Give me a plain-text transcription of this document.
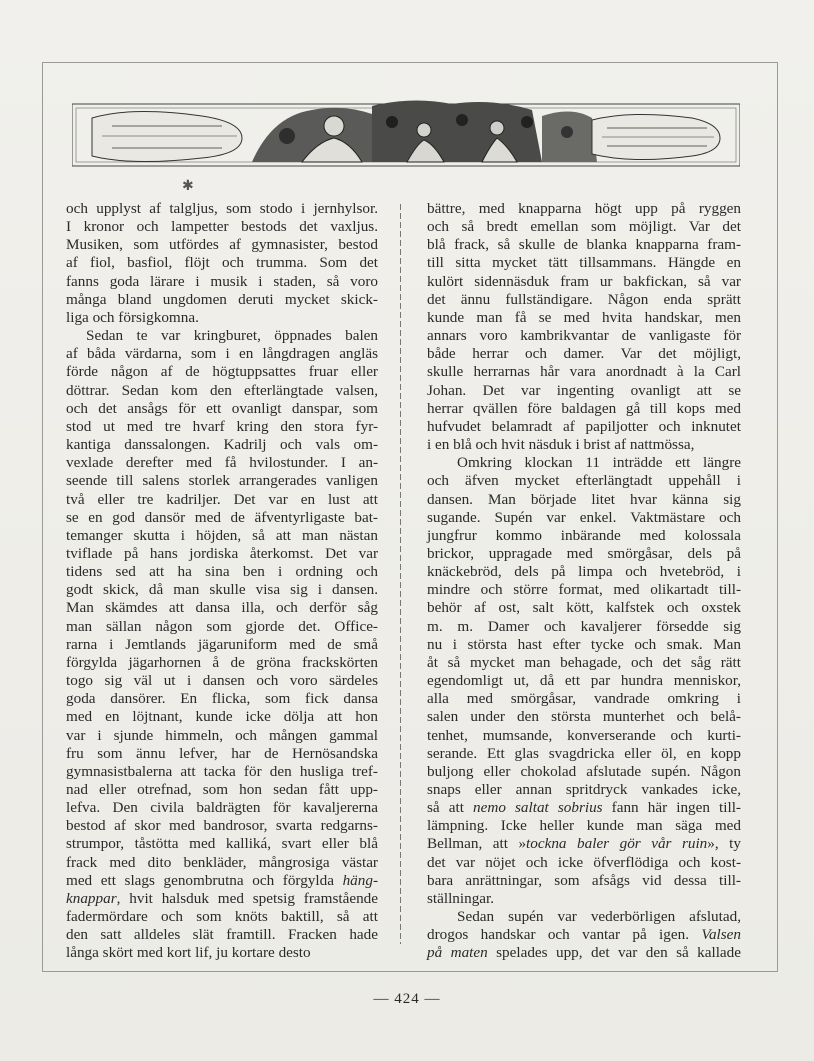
✱

och upplyst af talgljus, som stodo i jernhylsor.
I kronor och lampetter bestods det vaxljus.
Musiken, som utfördes af gymnasister, bestod
af fiol, basfiol, flöjt och trumma. Som det
fanns goda lärare i musik i staden, så voro
många bland ungdomen deruti mycket skick-
liga och försigkomna.

Sedan te var kringburet, öppnades balen
af båda värdarna, som i en långdragen angläs
förde någon af de högtuppsattes fruar eller
döttrar. Sedan kom den efterlängtade valsen,
och det ansågs för ett ovanligt danspar, som
stod ut med tre hvarf kring den stora fyr-
kantiga danssalongen. Kadrilj och vals om-
vexlade derefter med få hvilostunder. I an-
seende till salens storlek arrangerades vanligen
två eller tre kadriljer. Det var en lust att
se en god dansör med de äfventyrligaste bat-
temanger skutta i höjden, så att man nästan
tviflade på hans jordiska återkomst. Det var
tidens sed att ha sina ben i ordning och
godt skick, då man skulle visa sig i dansen.
Man skämdes att dansa illa, och derför såg
man sällan någon som gjorde det. Office-
rarna i Jemtlands jägaruniform med de små
förgylda jägarhornen å de gröna frackskörten
togo sig väl ut i dansen och voro särdeles
goda dansörer. En flicka, som fick dansa
med en löjtnant, kunde icke dölja att hon
var i sjunde himmeln, och mången gammal
fru som ännu lefver, har de Hernösandska
gymnasistbalerna att tacka för den husliga tref-
nad eller otrefnad, som hon sedan fått upp-
lefva. Den civila baldrägten för kavaljererna
bestod af skor med bandrosor, svarta redgarns-
strumpor, tåstötta med kalliká, svart eller blå
frack med dito benkläder, mångrosiga västar
med ett slags genombrutna och förgylda häng-
knappar, hvit halsduk med spetsig framstående
fadermördare och som knöts baktill, så att
den satt alldeles slät framtill. Fracken hade
långa skört med kort lif, ju kortare desto

bättre, med knapparna högt upp på ryggen
och så bredt emellan som möjligt. Var det
blå frack, så skulle de blanka knapparna fram-
till sitta mycket tätt tillsammans. Hängde en
kulört sidennäsduk fram ur bakfickan, så var
det ännu fullständigare. Någon enda sprätt
kunde man få se med hvita handskar, men
annars voro kambrikvantar de vanligaste för
både herrar och damer. Var det möjligt,
skulle herrarnas hår vara anordnadt à la Carl
Johan. Det var ingenting ovanligt att se
herrar qvällen före baldagen gå till kops med
hufvudet belamradt af papiljotter och inknutet
i en blå och hvit näsduk i brist af nattmössa,

Omkring klockan 11 inträdde ett längre
och äfven mycket efterlängtadt uppehåll i
dansen. Man började litet hvar känna sig
sugande. Supén var enkel. Vaktmästare och
jungfrur kommo inbärande med kolossala
brickor, uppragade med smörgåsar, dels på
knäckebröd, dels på limpa och hvetebröd, i
mindre och större format, med olikartadt till-
behör af ost, salt kött, kalfstek och oxstek
m. m. Damer och kavaljerer försedde sig
nu i största hast efter tycke och smak. Man
åt så mycket man behagade, och det såg rätt
egendomligt ut, då ett par hundra menniskor,
alla med smörgåsar, vandrade omkring i
salen under den största munterhet och belå-
tenhet, mumsande, konverserande och kurti-
serande. Ett glas svagdricka eller öl, en kopp
buljong eller chokolad afslutade supén. Någon
snaps eller annan spritdryck vankades icke,
så att nemo saltat sobrius fann här ingen till-
lämpning. Icke heller kunde man säga med
Bellman, att »tockna baler gör vår ruin», ty
det var nöjet och icke öfverflödiga och kost-
bara anrättningar, som afsågs vid dessa till-
ställningar.

Sedan supén var vederbörligen afslutad,
drogos handskar och vantar på igen. Valsen
på maten spelades upp, det var den så kallade

— 424 —
